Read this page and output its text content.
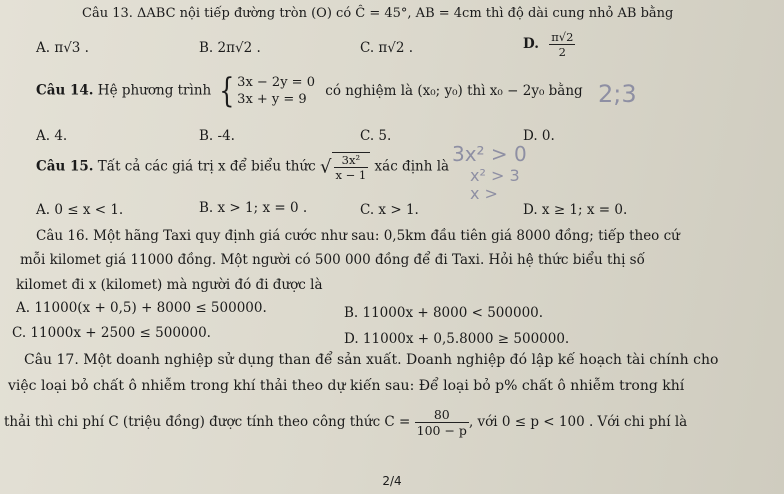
Câu 13. ΔABC nội tiếp đường tròn (O) có Ĉ = 45°, AB = 4cm thì độ dài cung nhỏ AB bằng
A. π√3 .	B. 2π√2 .	C. π√2 .	D. $\frac{\pi√2}{2}$
Câu 14. Hệ phương trình { 3x − 2y = 0
3x + y = 9
có nghiệm là (x₀; y₀) thì x₀ − 2y₀ bằng 2;3
A. 4.	B. -4.	C. 5.	D. 0.
Câu 15. Tất cả các giá trị x để biểu thức √ $\frac{\text{3x²}}{x - 1}$ xác định là
3x² > 0
x² > 3
x >
A. 0 ≤ x < 1.	B. x > 1; x = 0 .	C. x > 1.	D. x ≥ 1; x = 0.
Câu 16. Một hãng Taxi quy định giá cước như sau: 0,5km đầu tiên giá 8000 đồng; tiếp theo cứ
mỗi kilomet giá 11000 đồng. Một người có 500 000 đồng để đi Taxi. Hỏi hệ thức biểu thị số
kilomet đi x (kilomet) mà người đó đi được là
A. 11000(x + 0,5) + 8000 ≤ 500000.	B. 11000x + 8000 < 500000.
C. 11000x + 2500 ≤ 500000.	D. 11000x + 0,5.8000 ≥ 500000.
Câu 17. Một doanh nghiệp sử dụng than để sản xuất. Doanh nghiệp đó lập kế hoạch tài chính cho
việc loại bỏ chất ô nhiễm trong khí thải theo dự kiến sau: Để loại bỏ p% chất ô nhiễm trong khí
thải thì chi phí C (triệu đồng) được tính theo công thức $C = \frac{80}{100 - p}$ , với 0 ≤ p < 100 . Với chi phí là
2/4
